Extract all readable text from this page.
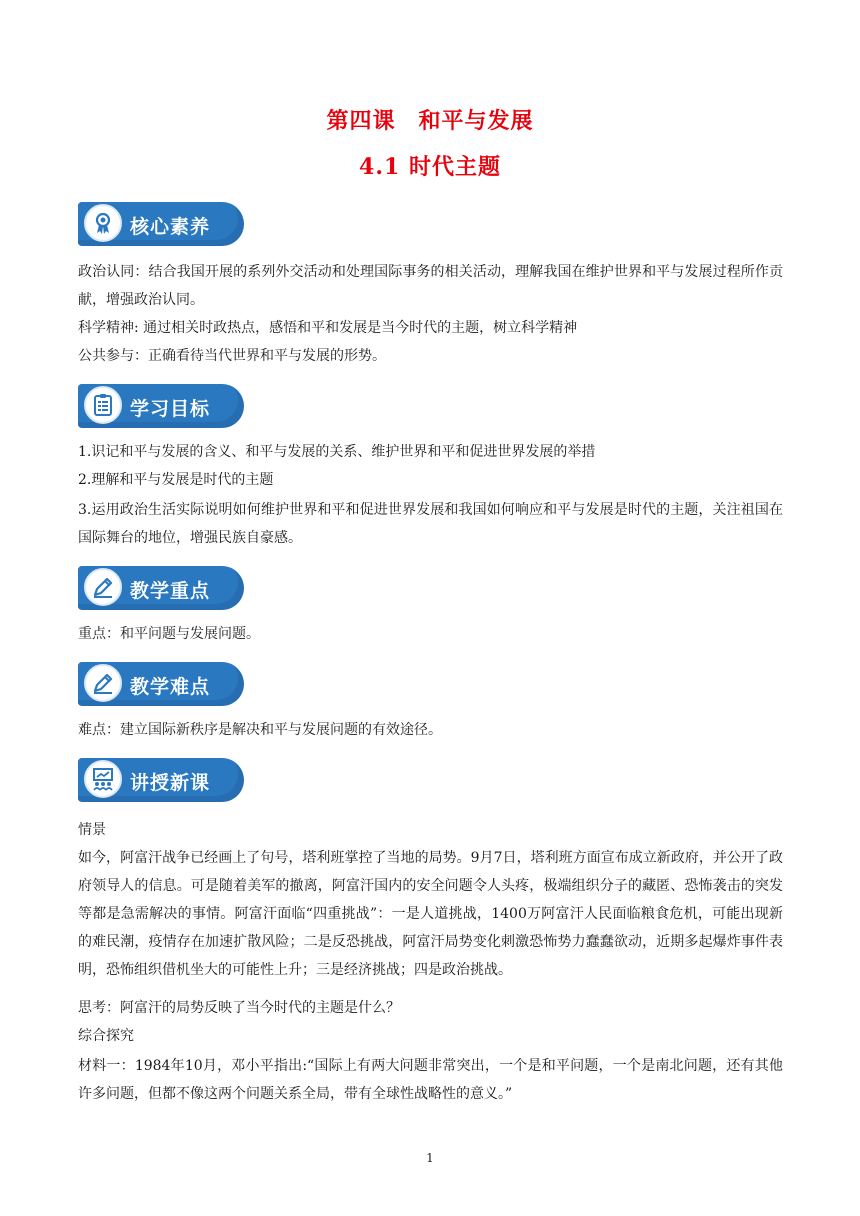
第四课　和平与发展
4.1 时代主题
核心素养
政治认同：结合我国开展的系列外交活动和处理国际事务的相关活动，理解我国在维护世界和平与发展过程所作贡献，增强政治认同。
科学精神: 通过相关时政热点，感悟和平和发展是当今时代的主题，树立科学精神
公共参与：正确看待当代世界和平与发展的形势。
学习目标
1.识记和平与发展的含义、和平与发展的关系、维护世界和平和促进世界发展的举措
2.理解和平与发展是时代的主题
3.运用政治生活实际说明如何维护世界和平和促进世界发展和我国如何响应和平与发展是时代的主题，关注祖国在国际舞台的地位，增强民族自豪感。
教学重点
重点：和平问题与发展问题。
教学难点
难点：建立国际新秩序是解决和平与发展问题的有效途径。
讲授新课
情景
如今，阿富汗战争已经画上了句号，塔利班掌控了当地的局势。9月7日，塔利班方面宣布成立新政府，并公开了政府领导人的信息。可是随着美军的撤离，阿富汗国内的安全问题令人头疼，极端组织分子的藏匿、恐怖袭击的突发等都是急需解决的事情。阿富汗面临“四重挑战”：一是人道挑战，1400万阿富汗人民面临粮食危机，可能出现新的难民潮，疫情存在加速扩散风险；二是反恐挑战，阿富汗局势变化刺激恐怖势力蠢蠢欲动，近期多起爆炸事件表明，恐怖组织借机坐大的可能性上升；三是经济挑战；四是政治挑战。
思考：阿富汗的局势反映了当今时代的主题是什么？
综合探究
材料一：1984年10月，邓小平指出:“国际上有两大问题非常突出，一个是和平问题，一个是南北问题，还有其他许多问题，但都不像这两个问题关系全局，带有全球性战略性的意义。”
1
